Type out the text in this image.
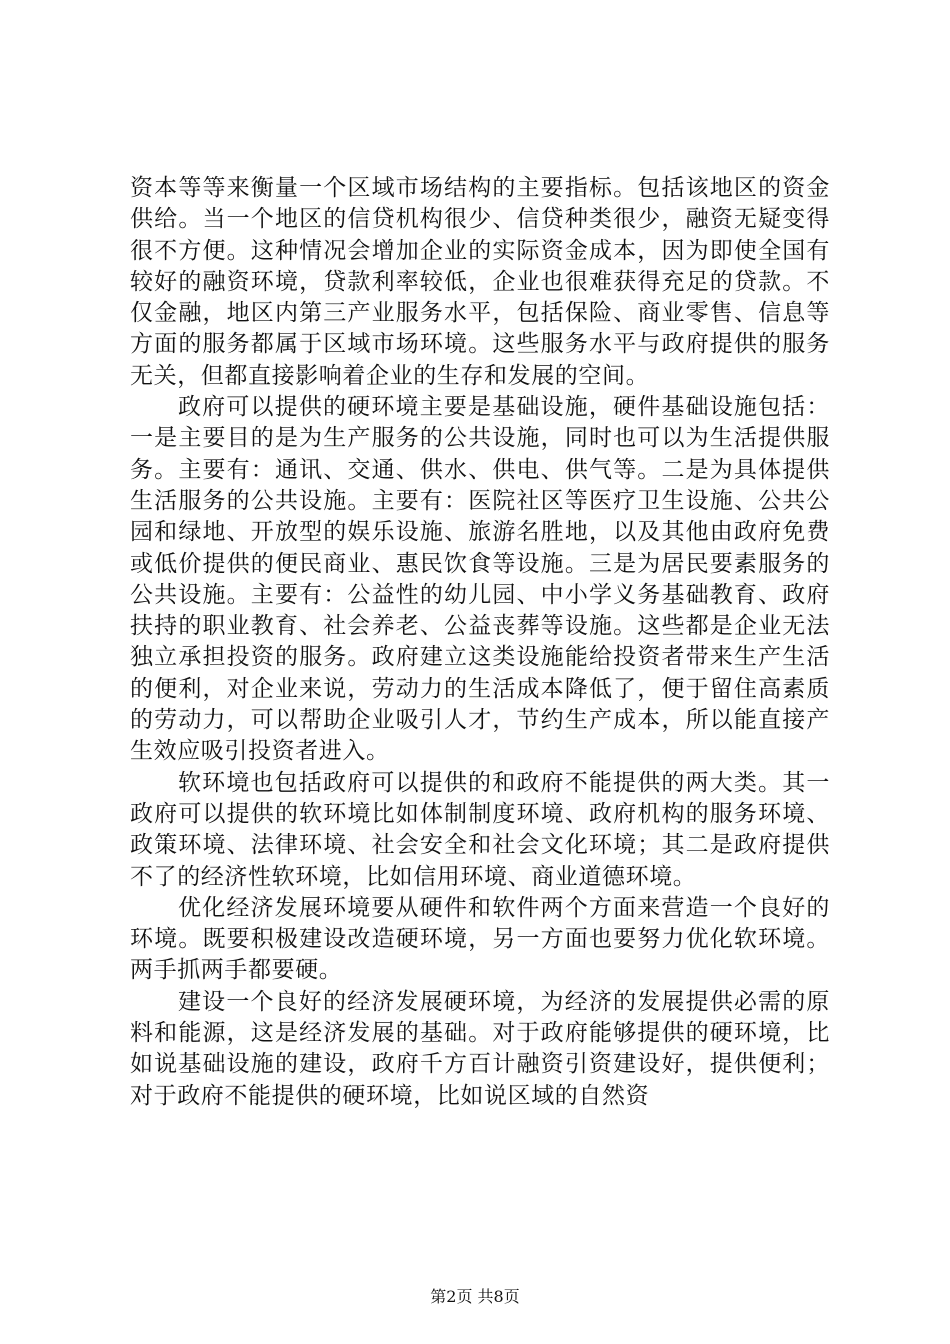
资本等等来衡量一个区域市场结构的主要指标。包括该地区的资金供给。当一个地区的信贷机构很少、信贷种类很少，融资无疑变得很不方便。这种情况会增加企业的实际资金成本，因为即使全国有较好的融资环境，贷款利率较低，企业也很难获得充足的贷款。不仅金融，地区内第三产业服务水平，包括保险、商业零售、信息等方面的服务都属于区域市场环境。这些服务水平与政府提供的服务无关，但都直接影响着企业的生存和发展的空间。

政府可以提供的硬环境主要是基础设施，硬件基础设施包括：一是主要目的是为生产服务的公共设施，同时也可以为生活提供服务。主要有：通讯、交通、供水、供电、供气等。二是为具体提供生活服务的公共设施。主要有：医院社区等医疗卫生设施、公共公园和绿地、开放型的娱乐设施、旅游名胜地，以及其他由政府免费或低价提供的便民商业、惠民饮食等设施。三是为居民要素服务的公共设施。主要有：公益性的幼儿园、中小学义务基础教育、政府扶持的职业教育、社会养老、公益丧葬等设施。这些都是企业无法独立承担投资的服务。政府建立这类设施能给投资者带来生产生活的便利，对企业来说，劳动力的生活成本降低了，便于留住高素质的劳动力，可以帮助企业吸引人才，节约生产成本，所以能直接产生效应吸引投资者进入。

软环境也包括政府可以提供的和政府不能提供的两大类。其一政府可以提供的软环境比如体制制度环境、政府机构的服务环境、政策环境、法律环境、社会安全和社会文化环境；其二是政府提供不了的经济性软环境，比如信用环境、商业道德环境。

优化经济发展环境要从硬件和软件两个方面来营造一个良好的环境。既要积极建设改造硬环境，另一方面也要努力优化软环境。两手抓两手都要硬。

建设一个良好的经济发展硬环境，为经济的发展提供必需的原料和能源，这是经济发展的基础。对于政府能够提供的硬环境，比如说基础设施的建设，政府千方百计融资引资建设好，提供便利；对于政府不能提供的硬环境，比如说区域的自然资

第2页 共8页
